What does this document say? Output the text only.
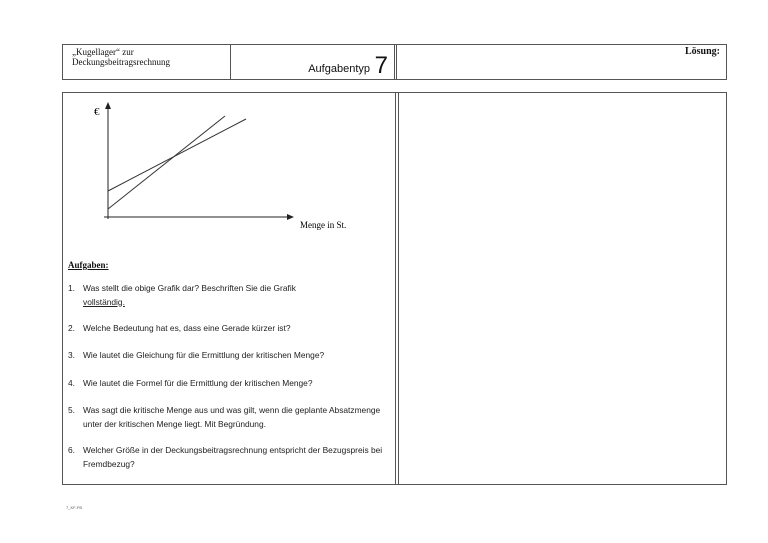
„Kugellager“ zur
Deckungsbeitragsrechnung
Aufgabentyp 7
Lösung:
€
Menge in St.
Aufgaben:
1. Was stellt die obige Grafik dar? Beschriften Sie die Grafik
vollständig.
2. Welche Bedeutung hat es, dass eine Gerade kürzer ist?
3. Wie lautet die Gleichung für die Ermittlung der kritischen Menge?
4. Wie lautet die Formel für die Ermittlung der kritischen Menge?
5. Was sagt die kritische Menge aus und was gilt, wenn die geplante Absatzmenge unter der kritischen Menge liegt. Mit Begründung.
6. Welcher Größe in der Deckungsbeitragsrechnung entspricht der Bezugspreis bei Fremdbezug?
7_KF-FB
